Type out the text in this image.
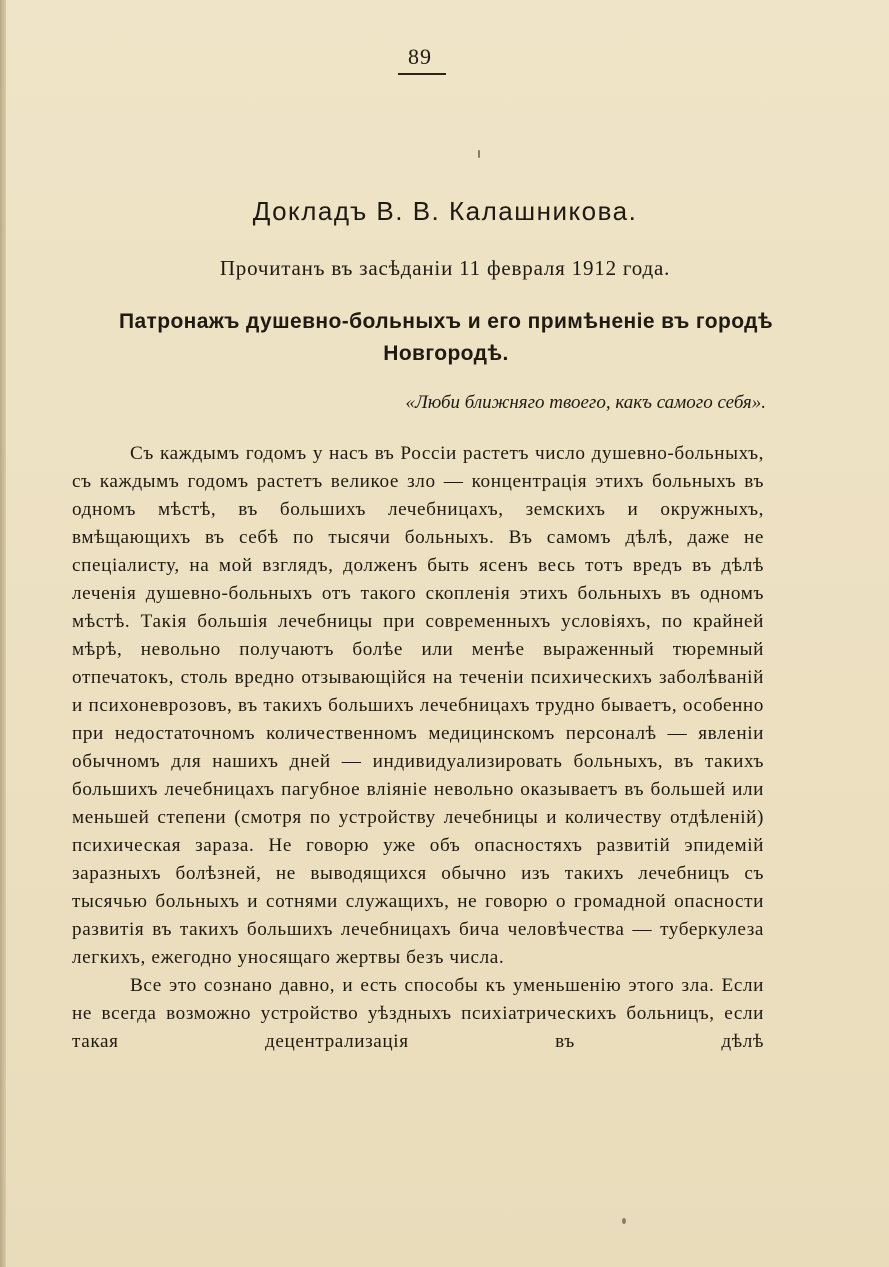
89
Докладъ В. В. Калашникова.
Прочитанъ въ засѣданiи 11 февраля 1912 года.
Патронажъ душевно-больныхъ и его примѣненiе въ городѣ Новгородѣ.
«Люби ближняго твоего, какъ самого себя».

Съ каждымъ годомъ у насъ въ Россiи растетъ число душевно-больныхъ, съ каждымъ годомъ растетъ великое зло — концентрацiя этихъ больныхъ въ одномъ мѣстѣ, въ большихъ лечебницахъ, земскихъ и окружныхъ, вмѣщающихъ въ себѣ по тысячи больныхъ. Въ самомъ дѣлѣ, даже не спецiалисту, на мой взглядъ, долженъ быть ясенъ весь тотъ вредъ въ дѣлѣ леченiя душевно-больныхъ отъ такого скопленiя этихъ больныхъ въ одномъ мѣстѣ. Такiя большiя лечебницы при современныхъ условiяхъ, по крайней мѣрѣ, невольно получаютъ болѣе или менѣе выраженный тюремный отпечатокъ, столь вредно отзывающiйся на теченiи психическихъ заболѣванiй и психоневрозовъ, въ такихъ большихъ лечебницахъ трудно бываетъ, особенно при недостаточномъ количественномъ медицинскомъ персоналѣ — явленiи обычномъ для нашихъ дней — индивидуализировать больныхъ, въ такихъ большихъ лечебницахъ пагубное влiянiе невольно оказываетъ въ большей или меньшей степени (смотря по устройству лечебницы и количеству отдѣленiй) психическая зараза. Не говорю уже объ опасностяхъ развитiй эпидемiй заразныхъ болѣзней, не выводящихся обычно изъ такихъ лечебницъ съ тысячью больныхъ и сотнями служащихъ, не говорю о громадной опасности развитiя въ такихъ большихъ лечебницахъ бича человѣчества — туберкулеза легкихъ, ежегодно уносящаго жертвы безъ числа.

Все это сознано давно, и есть способы къ уменьшенiю этого зла. Если не всегда возможно устройство уѣздныхъ психiатрическихъ больницъ, если такая децентрализацiя въ дѣлѣ
